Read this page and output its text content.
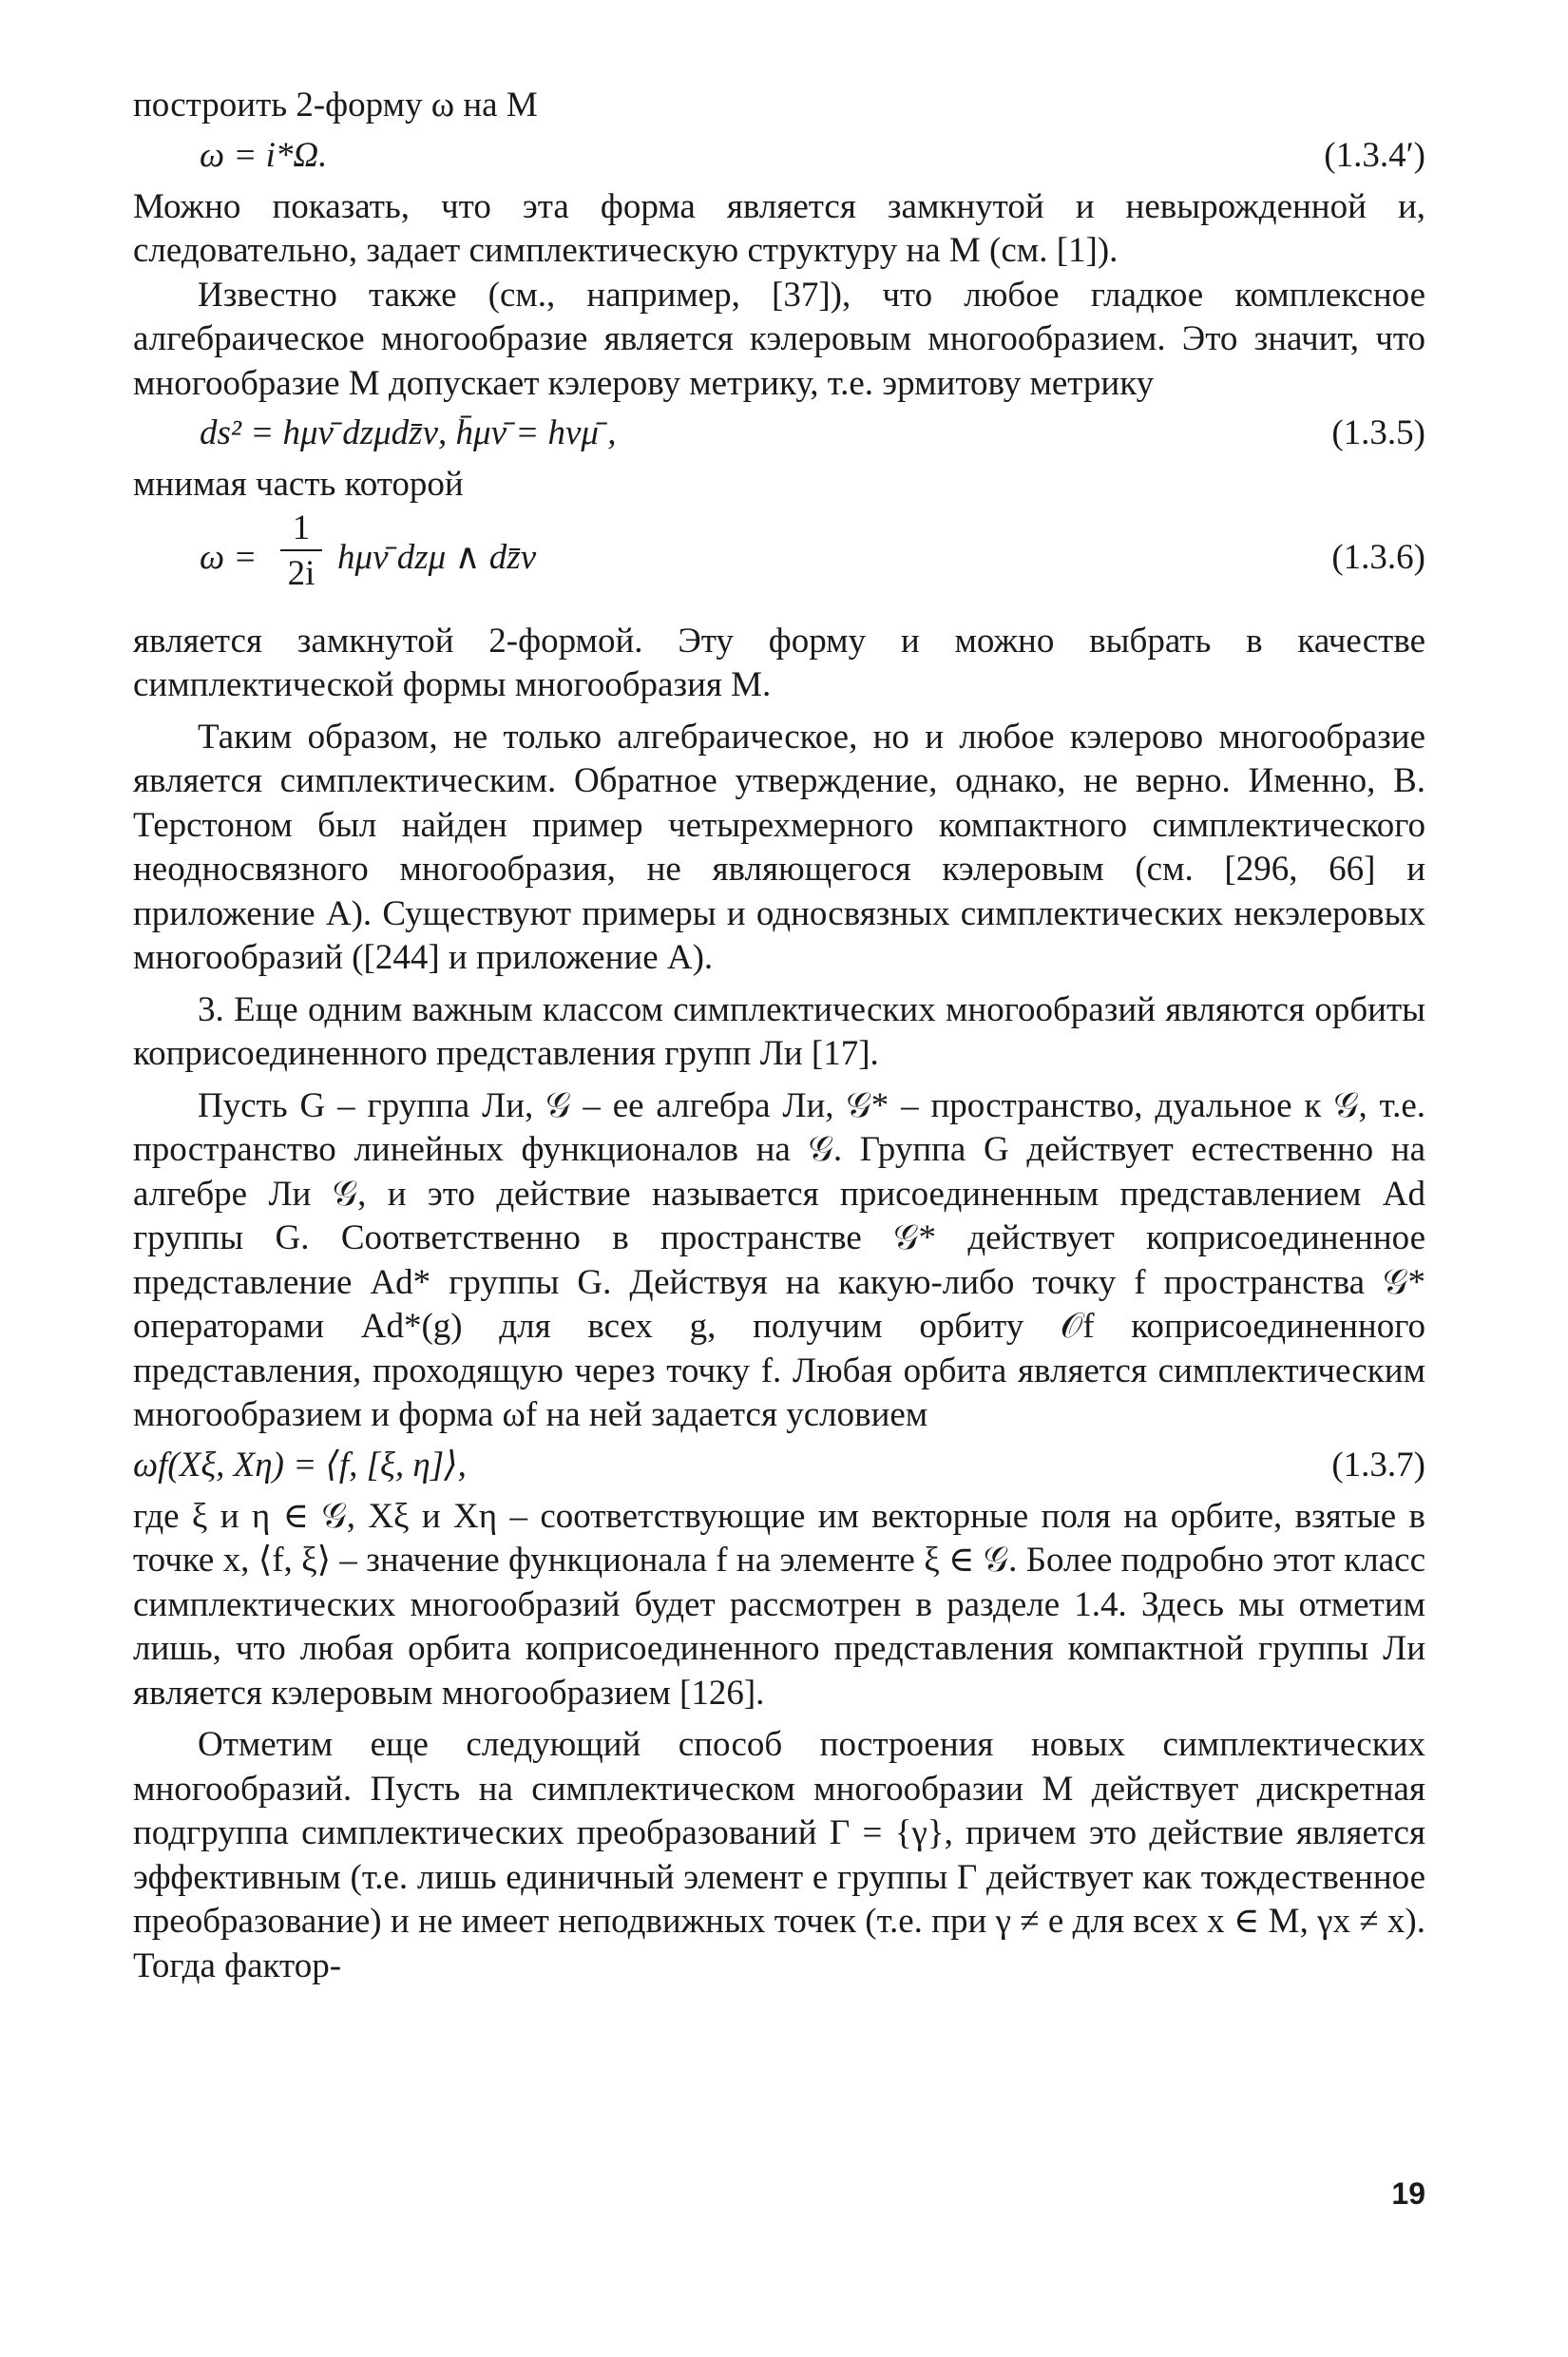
построить 2-форму ω на M

ω = i*Ω.	(1.3.4′)

Можно показать, что эта форма является замкнутой и невырожденной и, следовательно, задает симплектическую структуру на M (см. [1]).

Известно также (см., например, [37]), что любое гладкое комплексное алгебраическое многообразие является кэлеровым многообразием. Это значит, что многообразие M допускает кэлерову метрику, т.е. эрмитову метрику

ds² = hμν̄ dzμdz̄ν, h̄μν̄ = hνμ̄ ,	(1.3.5)

мнимая часть которой

ω =
1
2i hμν̄ dzμ ∧ dz̄ν	(1.3.6)

является замкнутой 2-формой. Эту форму и можно выбрать в качестве симплектической формы многообразия M.

Таким образом, не только алгебраическое, но и любое кэлерово многообразие является симплектическим. Обратное утверждение, однако, не верно. Именно, В. Терстоном был найден пример четырехмерного компактного симплектического неодносвязного многообразия, не являющегося кэлеровым (см. [296, 66] и приложение А). Существуют примеры и односвязных симплектических некэлеровых многообразий ([244] и приложение А).

3. Еще одним важным классом симплектических многообразий являются орбиты коприсоединенного представления групп Ли [17].

Пусть G – группа Ли, 𝒢 – ее алгебра Ли, 𝒢* – пространство, дуальное к 𝒢, т.е. пространство линейных функционалов на 𝒢. Группа G действует естественно на алгебре Ли 𝒢, и это действие называется присоединенным представлением Ad группы G. Соответственно в пространстве 𝒢* действует коприсоединенное представление Ad* группы G. Действуя на какую-либо точку f пространства 𝒢* операторами Ad*(g) для всех g, получим орбиту 𝒪f коприсоединенного представления, проходящую через точку f. Любая орбита является симплектическим многообразием и форма ωf на ней задается условием

ωf(Xξ, Xη) = ⟨f, [ξ, η]⟩,	(1.3.7)

где ξ и η ∈ 𝒢, Xξ и Xη – соответствующие им векторные поля на орбите, взятые в точке x, ⟨f, ξ⟩ – значение функционала f на элементе ξ ∈ 𝒢. Более подробно этот класс симплектических многообразий будет рассмотрен в разделе 1.4. Здесь мы отметим лишь, что любая орбита коприсоединенного представления компактной группы Ли является кэлеровым многообразием [126].

Отметим еще следующий способ построения новых симплектических многообразий. Пусть на симплектическом многообразии M действует дискретная подгруппа симплектических преобразований Г = {γ}, причем это действие является эффективным (т.е. лишь единичный элемент e группы Г действует как тождественное преобразование) и не имеет неподвижных точек (т.е. при γ ≠ e для всех x ∈ M, γx ≠ x). Тогда фактор-

19
